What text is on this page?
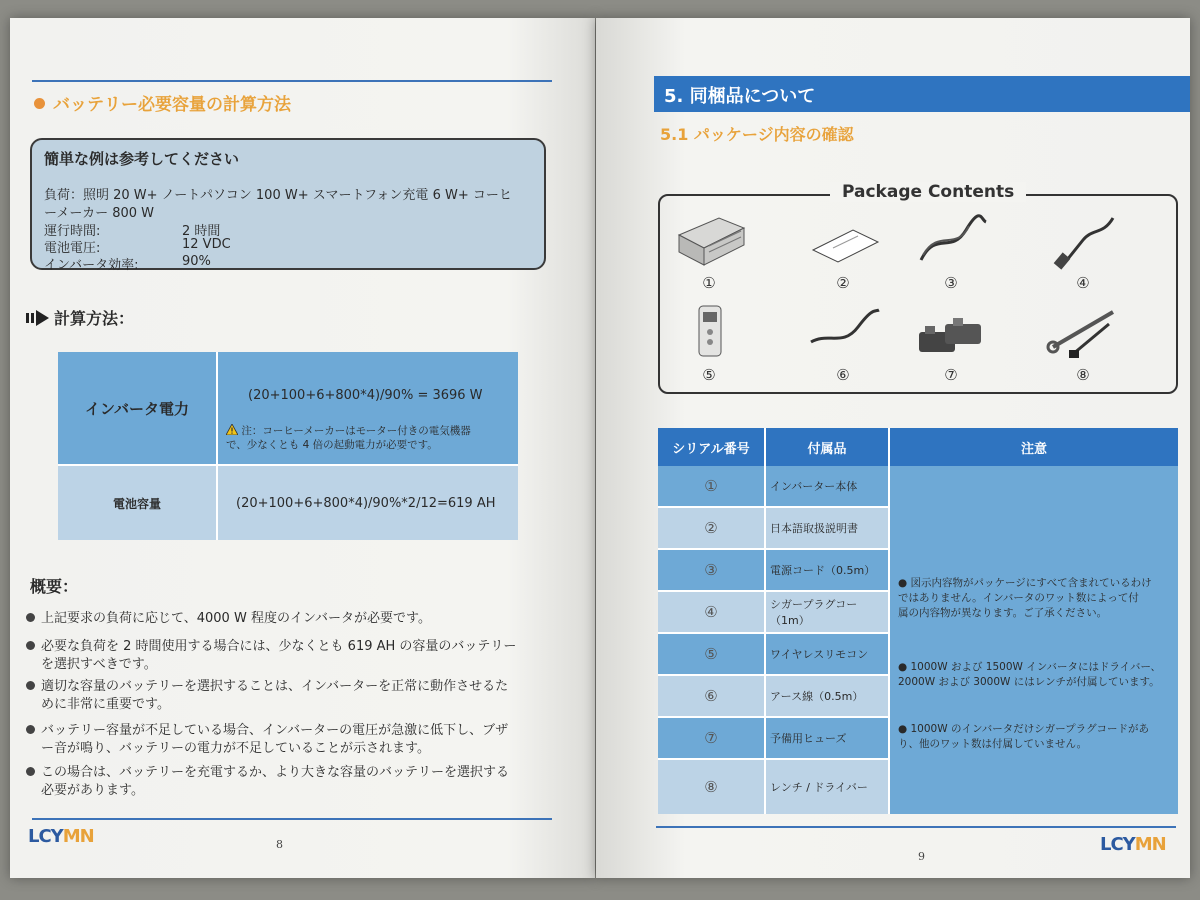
バッテリー必要容量の計算方法
簡単な例は参考してください
負荷：照明 20 W+ ノートパソコン 100 W+ スマートフォン充電 6 W+ コーヒ
ーメーカー 800 W
運行時間:	2 時間
電池電圧:	12 VDC
インバータ効率:	90%
計算方法：
インバータ電力
(20+100+6+800*4)/90% = 3696 W
注：コーヒーメーカーはモーター付きの電気機器
で、少なくとも 4 倍の起動電力が必要です。
電池容量	(20+100+6+800*4)/90%*2/12=619 AH
概要：
上記要求の負荷に応じて、4000 W 程度のインバータが必要です。
必要な負荷を 2 時間使用する場合には、少なくとも 619 AH の容量のバッテリー
を選択すべきです。
適切な容量のバッテリーを選択することは、インバーターを正常に動作させるた
めに非常に重要です。
バッテリー容量が不足している場合、インバーターの電圧が急激に低下し、ブザ
ー音が鳴り、バッテリーの電力が不足していることが示されます。
この場合は、バッテリーを充電するか、より大きな容量のバッテリーを選択する
必要があります。
LCYMN	8
5. 同梱品について
5.1 パッケージ内容の確認
Package Contents
①	②	③	④
⑤	⑥	⑦	⑧
シリアル番号	付属品	注意
①	インバーター本体
②	日本語取扱説明書
③	電源コード（0.5m）
④	シガープラグコー（1m）
⑤	ワイヤレスリモコン
⑥	アース線（0.5m）
⑦	予備用ヒューズ
⑧	レンチ / ドライバー
● 図示内容物がパッケージにすべて含まれているわけ
ではありません。インバータのワット数によって付
属の内容物が異なります。ご了承ください。
● 1000W および 1500W インバータにはドライバー、
2000W および 3000W にはレンチが付属しています。
● 1000W のインバータだけシガープラグコードがあ
り、他のワット数は付属していません。
9
LCYMN
